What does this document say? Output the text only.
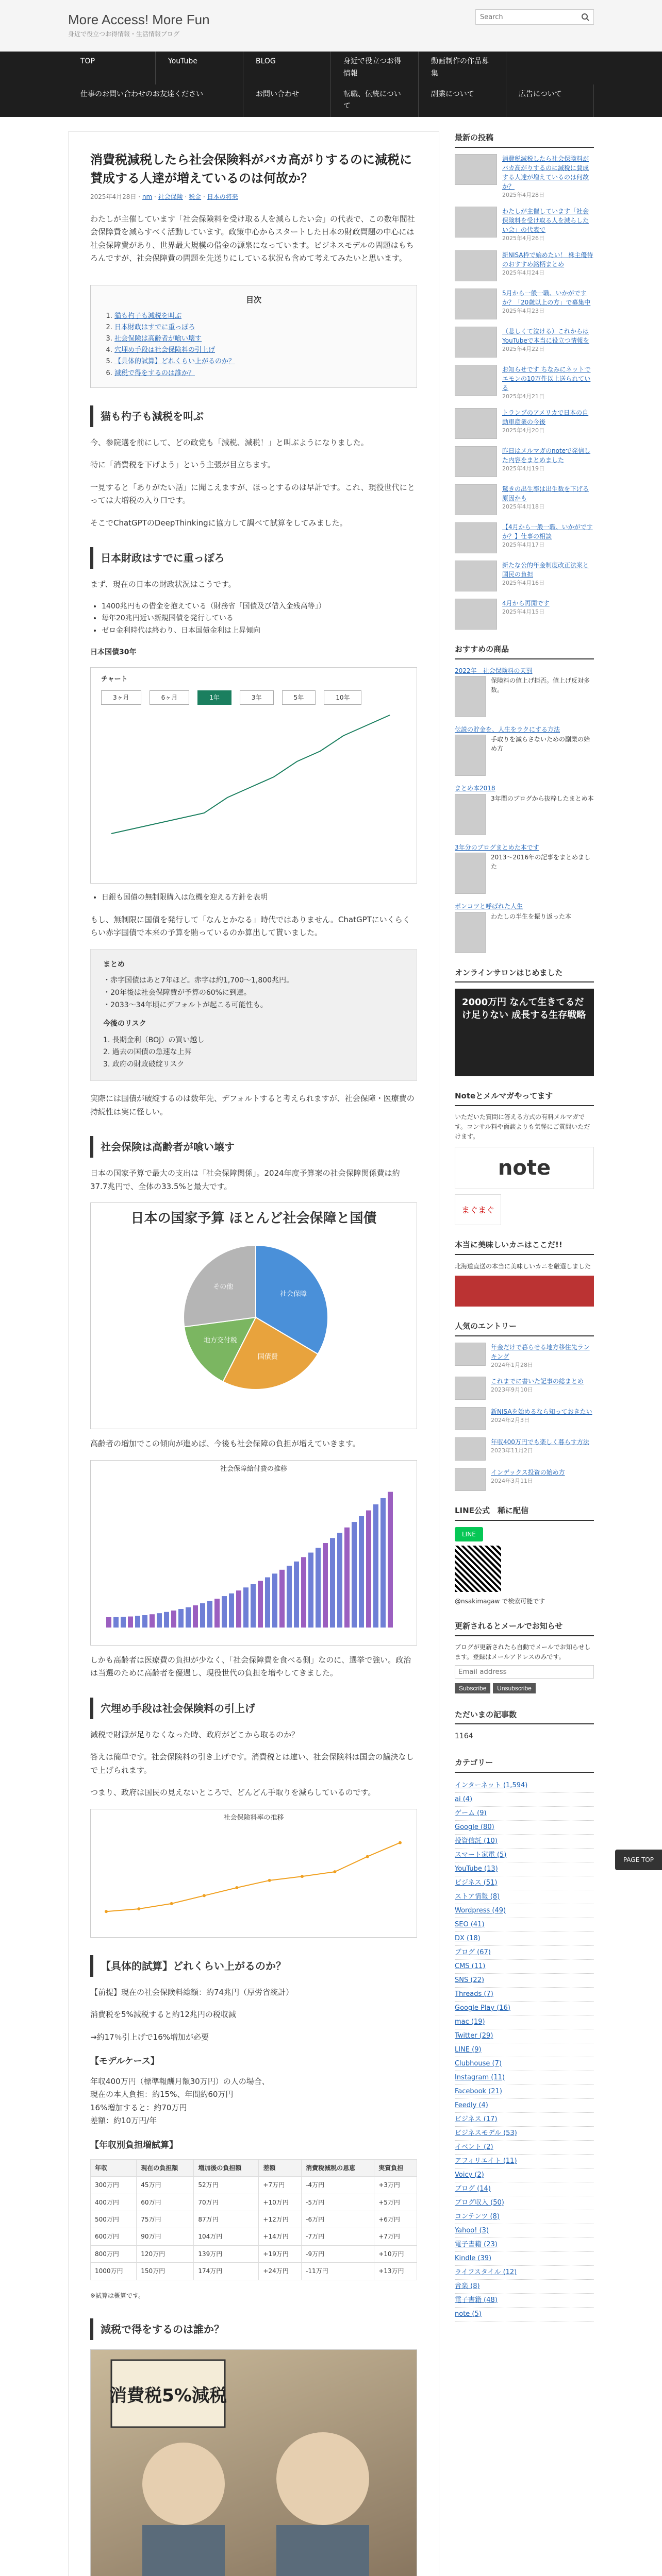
More Access! More Fun
身近で役立つお得情報・生活情報ブログ
Search
TOP	YouTube	BLOG	身近で役立つお得情報
動画制作の作品募集
仕事のお問い合わせのお友達ください	お問い合わせ	転職、伝統について
副業について	広告について
消費税減税したら社会保険料がバカ高がりするのに減税に賛成する人達が増えているのは何故か？
2025年4月28日 · nm · 社会保険 · 税金 · 日本の将来

わたしが主催しています「社会保険料を受け取る人を減らしたい会」の代表で、この数年間社会保障費を減らすべく活動しています。政策中心からスタートした日本の財政問題の中心には社会保障費があり、世界最大規模の借金の源泉になっています。ビジネスモデルの問題はもちろんですが、社会保障費の問題を先送りにしている状況も含めて考えてみたいと思います。

目次
1. 猫も杓子も減税を叫ぶ
2. 日本財政はすでに重っぽろ
3. 社会保険は高齢者が喰い壊す
4. 穴埋め手段は社会保険料の引上げ
5. 【具体的試算】どれくらい上がるのか？
6. 減税で得をするのは誰か？
猫も杓子も減税を叫ぶ

今、参院選を前にして、どの政党も「減税、減税！」と叫ぶようになりました。

特に「消費税を下げよう」という主張が目立ちます。

一見すると「ありがたい話」に聞こえますが、ほっとするのは早計です。これ、現役世代にとっては大増税の入り口です。

そこでChatGPTのDeepThinkingに協力して調べて試算をしてみました。

日本財政はすでに重っぽろ

まず、現在の日本の財政状況はこうです。

• 1400兆円もの借金を抱えている（財務省「国債及び借入金残高等」）
• 毎年20兆円近い新規国債を発行している
• ゼロ金利時代は終わり、日本国債金利は上昇傾向
日本国債30年
チャート
3ヶ月	6ヶ月	1年	3年	5年	10年
• 日銀も国債の無制限購入は危機を迎える方針を表明

もし、無制限に国債を発行して「なんとかなる」時代ではありません。ChatGPTにいくらくらい赤字国債で本来の予算を賄っているのか算出して貰いました。

まとめ
・赤字国債はあと7年ほど。赤字は約1,700〜1,800兆円。
・20年後は社会保障費が予算の60%に到達。
・2033〜34年頃にデフォルトが起こる可能性も。
今後のリスク
1. 長期金利（BOJ）の買い越し
2. 過去の国債の急速な上昇
3. 政府の財政破綻リスク

実際には国債が破綻するのは数年先、デフォルトすると考えられますが、社会保障・医療費の持続性は実に怪しい。

社会保険は高齢者が喰い壊す

日本の国家予算で最大の支出は「社会保障関係」。2024年度予算案の社会保障関係費は約37.7兆円で、全体の33.5%と最大です。

日本の国家予算 ほとんど社会保障と国債
社会保障
国債費
地方交付税
その他

高齢者の増加でこの傾向が進めば、今後も社会保障の負担が増えていきます。

社会保障給付費の推移

しかも高齢者は医療費の負担が少なく、「社会保障費を食べる側」なのに、選挙で強い。政治は当選のために高齢者を優遇し、現役世代の負担を増やしてきました。

穴埋め手段は社会保険料の引上げ

減税で財源が足りなくなった時、政府がどこから取るのか？

答えは簡単です。社会保険料の引き上げです。消費税とは違い、社会保険料は国会の議決なしで上げられます。

つまり、政府は国民の見えないところで、どんどん手取りを減らしているのです。

社会保険料率の推移
【具体的試算】どれくらい上がるのか？

【前提】現在の社会保険料総額：約74兆円（厚労省統計）

消費税を5%減税すると約12兆円の税収減

→約17％引上げで16%増加が必要

【モデルケース】
年収400万円（標準報酬月額30万円）の人の場合、
現在の本人負担：約15%、年間約60万円
16%増加すると：約70万円
差額：約10万円/年
【年収別負担増試算】
年収	現在の負担額	増加後の負担額	差額	消費税減税の恩恵	実質負担
300万円	45万円	52万円	+7万円	-4万円	+3万円
400万円	60万円	70万円	+10万円	-5万円	+5万円
500万円	75万円	87万円	+12万円	-6万円	+6万円
600万円	90万円	104万円	+14万円	-7万円	+7万円
800万円	120万円	139万円	+19万円	-9万円	+10万円
1000万円	150万円	174万円	+24万円	-11万円	+13万円

※試算は概算です。

減税で得をするのは誰か？
消費税5%減税

最新の投稿
消費税減税したら社会保険料がバカ高がりするのに減税に賛成する人達が増えているのは何故か？
2025年4月28日
わたしが主催しています「社会保険料を受け取る人を減らしたい会」の代表で
2025年4月26日
新NISA枠で始めたい！ 株主優待のおすすめ銘柄まとめ
2025年4月24日
5月から一般一職、いかがですか？「20歳以上の方」で募集中
2025年4月23日
（悲しくて泣ける）これからはYouTubeで本当に役立つ情報を
2025年4月22日
お知らせです ちなみにネットでエモンの10万件以上送られている
2025年4月21日
トランプのアメリカで日本の自動車産業の今後
2025年4月20日
昨日はメルマガのnoteで発信した内容をまとめました
2025年4月19日
驚きの出生率は出生数を下げる原因かも
2025年4月18日
【4月から一般一職、いかがですか？】仕事の相談
2025年4月17日
新たな公的年金制度改正法案と国民の負担
2025年4月16日
4月から再開です
2025年4月15日
おすすめの商品
2022年　社会保険料の天罰
保険料の値上げ拒否。値上げ反対多数。
伝説の貯金を、人生をラクにする方法
手取りを減らさないための副業の始め方
まとめ本2018
3年間のブログから抜粋したまとめ本
3年分のブログまとめた本です
2013〜2016年の記事をまとめました
ポンコツと呼ばれた人生
わたしの半生を振り返った本
オンラインサロンはじめました
2000万円 なんて生きてるだけ足りない 成長する生存戦略
Noteとメルマガやってます

いただいた質問に答える方式の有料メルマガです。コンサル料や面談よりも気軽にご質問いただけます。

note
まぐまぐ
本当に美味しいカニはここだ!!

北海道直送の本当に美味しいカニを厳選しました

人気のエントリー
年金だけで暮らせる地方移住先ランキング
2024年1月28日
これまでに書いた記事の総まとめ
2023年9月10日
新NISAを始めるなら知っておきたい
2024年2月3日
年収400万円でも楽しく暮らす方法
2023年11月2日
インデックス投資の始め方
2024年3月11日
LINE公式　稀に配信
LINE
@nsakimagaw で検索可能です
更新されるとメールでお知らせ

ブログが更新されたら自動でメールでお知らせします。登録はメールアドレスのみです。

Email address Subscribe Unsubscribe
ただいまの記事数
1164
カテゴリー
インターネット (1,594)
ai (4)
ゲーム (9)
Google (80)
投資信託 (10)
スマート家電 (5)
YouTube (13)
ビジネス (51)
ストア情報 (8)
Wordpress (49)
SEO (41)
DX (18)
ブログ (67)
CMS (11)
SNS (22)
Threads (7)
Google Play (16)
mac (19)
Twitter (29)
LINE (9)
Clubhouse (7)
Instagram (11)
Facebook (21)
Feedly (4)
ビジネス (17)
ビジネスモデル (53)
イベント (2)
アフィリエイト (11)
Voicy (2)
ブログ (14)
ブログ収入 (50)
コンテンツ (8)
Yahoo! (3)
電子書籍 (23)
Kindle (39)
ライフスタイル (12)
音楽 (8)
電子書籍 (48)
note (5)
PAGE TOP
